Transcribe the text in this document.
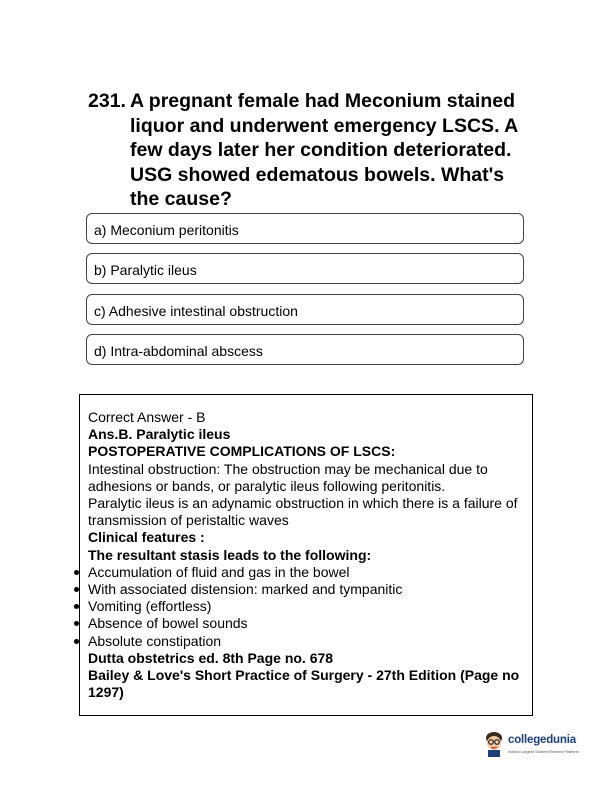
231. A pregnant female had Meconium stained liquor and underwent emergency LSCS. A few days later her condition deteriorated. USG showed edematous bowels. What's the cause?
a) Meconium peritonitis
b) Paralytic ileus
c) Adhesive intestinal obstruction
d) Intra-abdominal abscess
Correct Answer - B
Ans.B. Paralytic ileus
POSTOPERATIVE COMPLICATIONS OF LSCS:
Intestinal obstruction: The obstruction may be mechanical due to adhesions or bands, or paralytic ileus following peritonitis.
Paralytic ileus is an adynamic obstruction in which there is a failure of transmission of peristaltic waves
Clinical features :
The resultant stasis leads to the following:
Accumulation of fluid and gas in the bowel
With associated distension: marked and tympanitic
Vomiting (effortless)
Absence of bowel sounds
Absolute constipation
Dutta obstetrics ed. 8th Page no. 678
Bailey & Love's Short Practice of Surgery - 27th Edition (Page no 1297)
collegedunia
India's Largest Student Review Platform
